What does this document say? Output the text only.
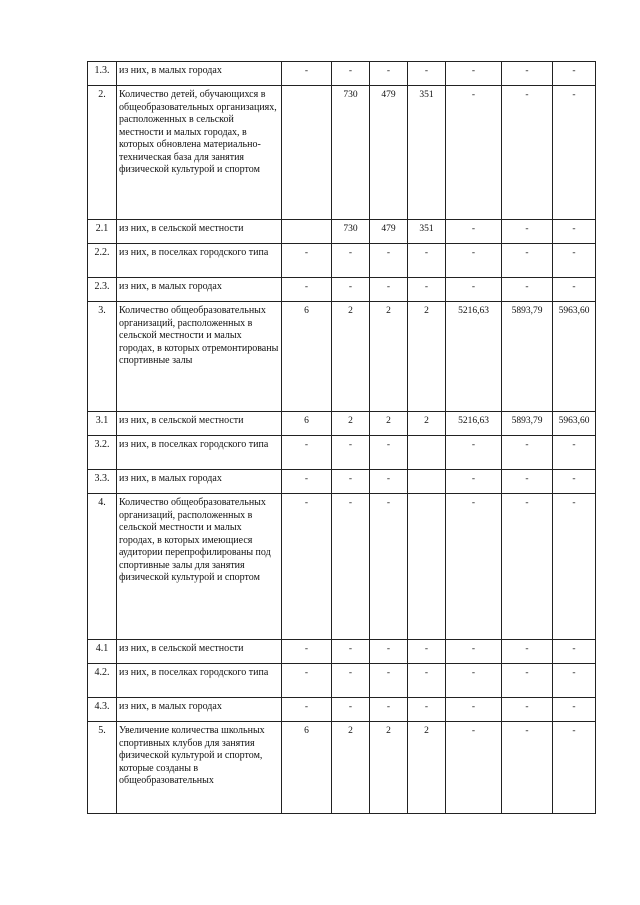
1.3.	из них, в малых городах	-	-	-	-	-	-	-
2.	Количество детей, обучающихся в общеобразовательных организациях, расположенных в сельской местности и малых городах, в которых обновлена материально-техническая база для занятия физической культурой и спортом		730	479	351	-	-	-
2.1	из них, в сельской местности		730	479	351	-	-	-
2.2.	из них, в поселках городского типа	-	-	-	-	-	-	-
2.3.	из них, в малых городах	-	-	-	-	-	-	-
3.	Количество общеобразовательных организаций, расположенных в сельской местности и малых городах, в которых отремонтированы спортивные залы	6	2	2	2	5216,63	5893,79	5963,60
3.1	из них, в сельской местности	6	2	2	2	5216,63	5893,79	5963,60
3.2.	из них, в поселках городского типа	-	-	-		-	-	-
3.3.	из них, в малых городах	-	-	-		-	-	-
4.	Количество общеобразовательных организаций, расположенных в сельской местности и малых городах, в которых имеющиеся аудитории перепрофилированы под спортивные залы для занятия физической культурой и спортом	-	-	-		-	-	-
4.1	из них, в сельской местности	-	-	-	-	-	-	-
4.2.	из них, в поселках городского типа	-	-	-	-	-	-	-
4.3.	из них, в малых городах	-	-	-	-	-	-	-
5.	Увеличение количества школьных спортивных клубов для занятия физической культурой и спортом, которые созданы в общеобразовательных	6	2	2	2	-	-	-
